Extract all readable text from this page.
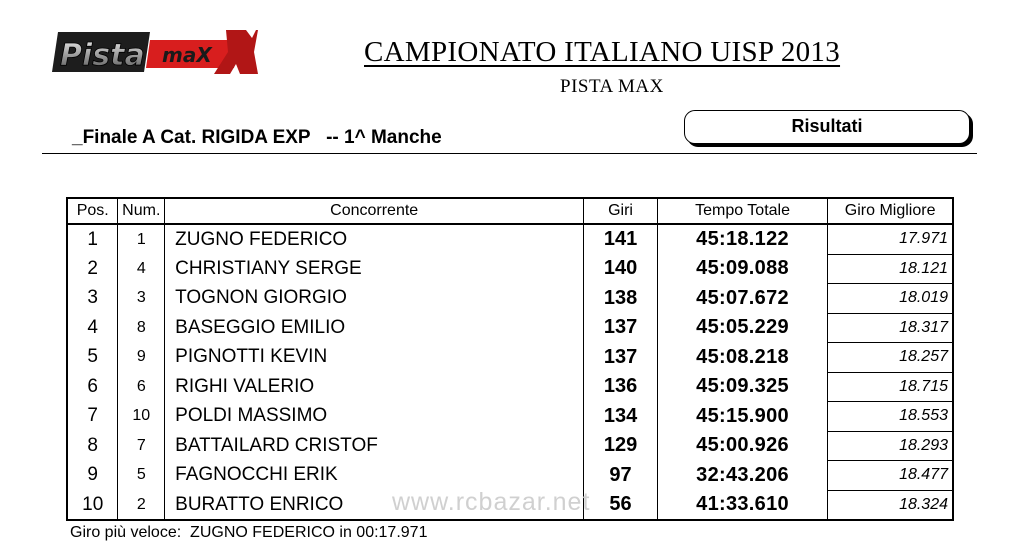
Pista maX	CAMPIONATO ITALIANO UISP 2013
PISTA MAX
_Finale A Cat. RIGIDA EXP   -- 1^ Manche
Risultati
Pos.	Num.	Concorrente	Giri	Tempo Totale	Giro Migliore
1	1	ZUGNO FEDERICO	141	45:18.122	17.971
2	4	CHRISTIANY SERGE	140	45:09.088	18.121
3	3	TOGNON GIORGIO	138	45:07.672	18.019
4	8	BASEGGIO EMILIO	137	45:05.229	18.317
5	9	PIGNOTTI KEVIN	137	45:08.218	18.257
6	6	RIGHI VALERIO	136	45:09.325	18.715
7	10	POLDI MASSIMO	134	45:15.900	18.553
8	7	BATTAILARD CRISTOF	129	45:00.926	18.293
9	5	FAGNOCCHI ERIK	97	32:43.206	18.477
10	2	BURATTO ENRICO	56	41:33.610	18.324
Giro più veloce:  ZUGNO FEDERICO in 00:17.971
www.rcbazar.net
